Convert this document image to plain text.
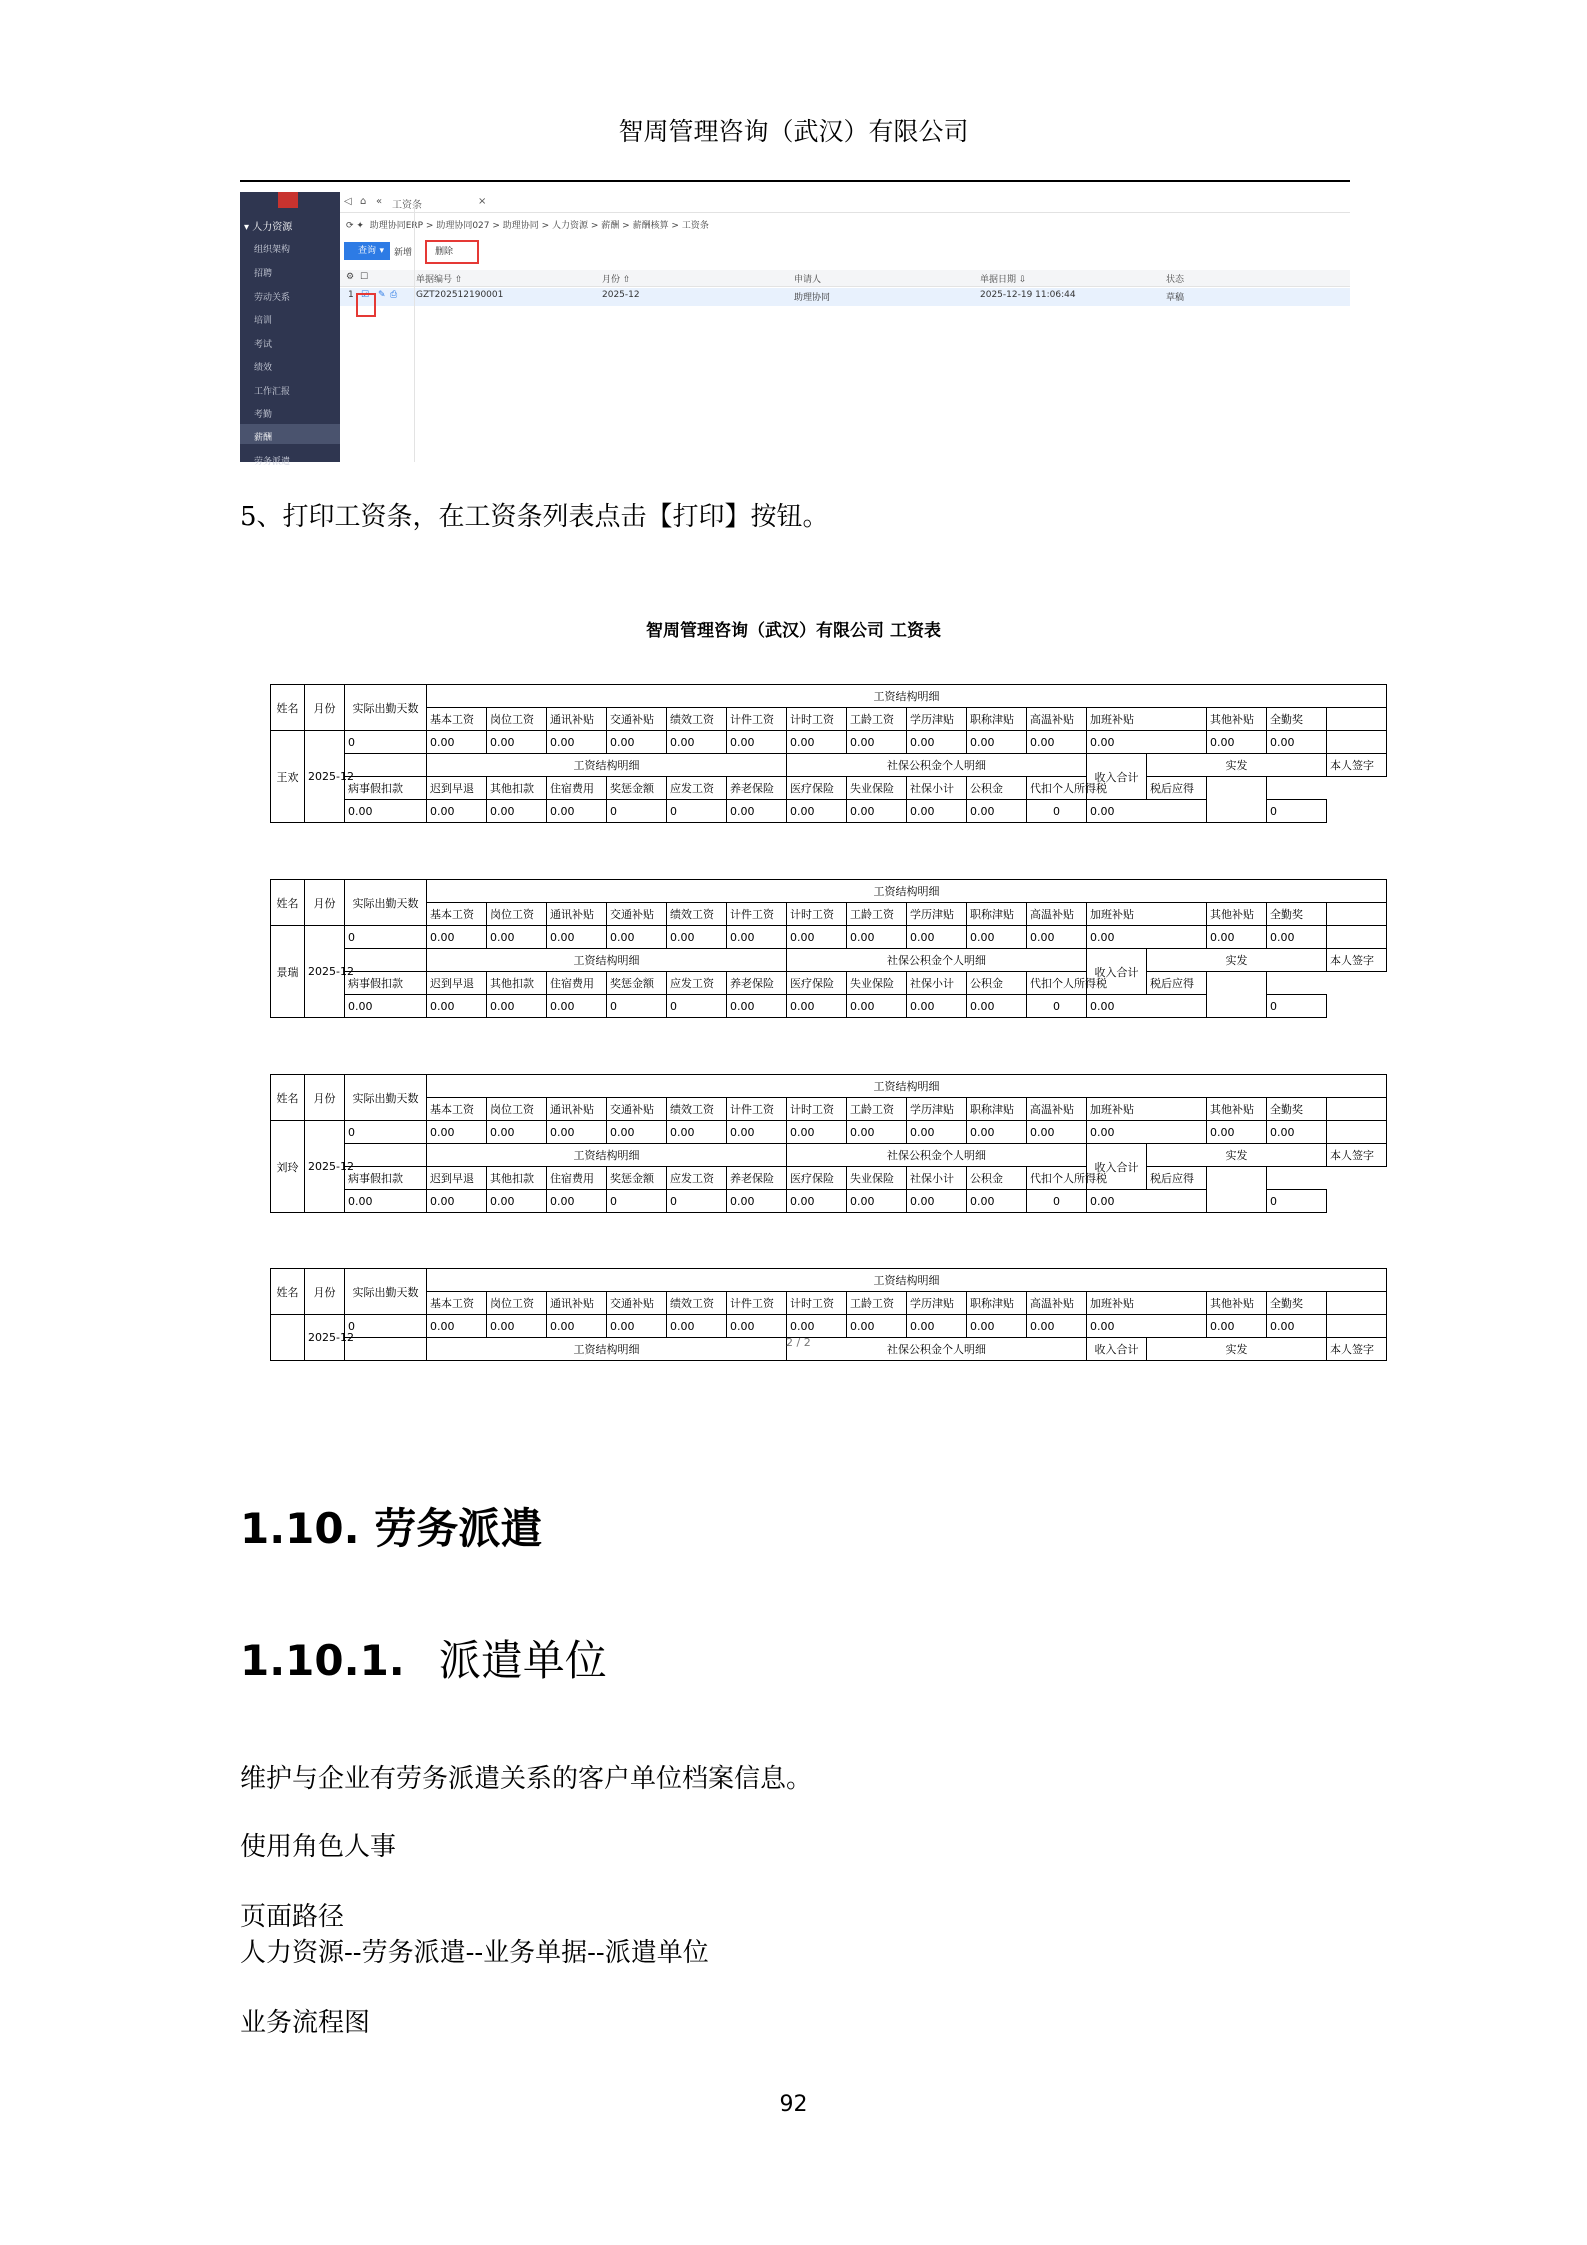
智周管理咨询（武汉）有限公司
▾ 人力资源
组织架构
招聘
劳动关系
培训
考试
绩效
工作汇报
考勤
薪酬
劳务派遣
◁ ⌂ « 工资条	×
⟳ ✦ 助理协同ERP > 助理协同027 > 助理协同 > 人力资源 > 薪酬 > 薪酬核算 > 工资条
查询 ▾ 新增	删除
⚙ ☐	单据编号 ⇧	月份 ⇧	申请人	单据日期 ⇩	状态
1 ☑ ✎ ⎙ GZT202512190001	2025-12	助理协同	2025-12-19 11:06:44	草稿
5、打印工资条，在工资条列表点击【打印】按钮。
智周管理咨询（武汉）有限公司 工资表
姓名	月份	实际出勤天数	工资结构明细															
			基本工资	岗位工资	通讯补贴	交通补贴	绩效工资	计件工资	计时工资	工龄工资	学历津贴	职称津贴	高温补贴	加班补贴		其他补贴	全勤奖	
王欢	2025-12	0	0.00	0.00	0.00	0.00	0.00	0.00	0.00	0.00	0.00	0.00	0.00	0.00		0.00	0.00	
			工资结构明细						社保公积金个人明细					收入合计	实发			本人签字
		病事假扣款	迟到早退	其他扣款	住宿费用	奖惩金额	应发工资	养老保险	医疗保险	失业保险	社保小计	公积金	代扣个人所得税		税后应得			
		0.00	0.00	0.00	0.00	0	0	0.00	0.00	0.00	0.00	0.00	0	0.00			0	
姓名	月份	实际出勤天数	工资结构明细															
			基本工资	岗位工资	通讯补贴	交通补贴	绩效工资	计件工资	计时工资	工龄工资	学历津贴	职称津贴	高温补贴	加班补贴		其他补贴	全勤奖	
景瑞	2025-12	0	0.00	0.00	0.00	0.00	0.00	0.00	0.00	0.00	0.00	0.00	0.00	0.00		0.00	0.00	
			工资结构明细						社保公积金个人明细					收入合计	实发			本人签字
		病事假扣款	迟到早退	其他扣款	住宿费用	奖惩金额	应发工资	养老保险	医疗保险	失业保险	社保小计	公积金	代扣个人所得税		税后应得			
		0.00	0.00	0.00	0.00	0	0	0.00	0.00	0.00	0.00	0.00	0	0.00			0	
姓名	月份	实际出勤天数	工资结构明细															
			基本工资	岗位工资	通讯补贴	交通补贴	绩效工资	计件工资	计时工资	工龄工资	学历津贴	职称津贴	高温补贴	加班补贴		其他补贴	全勤奖	
刘玲	2025-12	0	0.00	0.00	0.00	0.00	0.00	0.00	0.00	0.00	0.00	0.00	0.00	0.00		0.00	0.00	
			工资结构明细						社保公积金个人明细					收入合计	实发			本人签字
		病事假扣款	迟到早退	其他扣款	住宿费用	奖惩金额	应发工资	养老保险	医疗保险	失业保险	社保小计	公积金	代扣个人所得税		税后应得			
		0.00	0.00	0.00	0.00	0	0	0.00	0.00	0.00	0.00	0.00	0	0.00			0	
姓名	月份	实际出勤天数	工资结构明细															
			基本工资	岗位工资	通讯补贴	交通补贴	绩效工资	计件工资	计时工资	工龄工资	学历津贴	职称津贴	高温补贴	加班补贴		其他补贴	全勤奖	
	2025-12	0	0.00	0.00	0.00	0.00	0.00	0.00	0.00	0.00	0.00	0.00	0.00	0.00		0.00	0.00	
			工资结构明细						社保公积金个人明细					收入合计	实发			本人签字
2 / 2
1.10. 劳务派遣
1.10.1. 派遣单位
维护与企业有劳务派遣关系的客户单位档案信息。
使用角色人事
页面路径
人力资源--劳务派遣--业务单据--派遣单位
业务流程图
92
